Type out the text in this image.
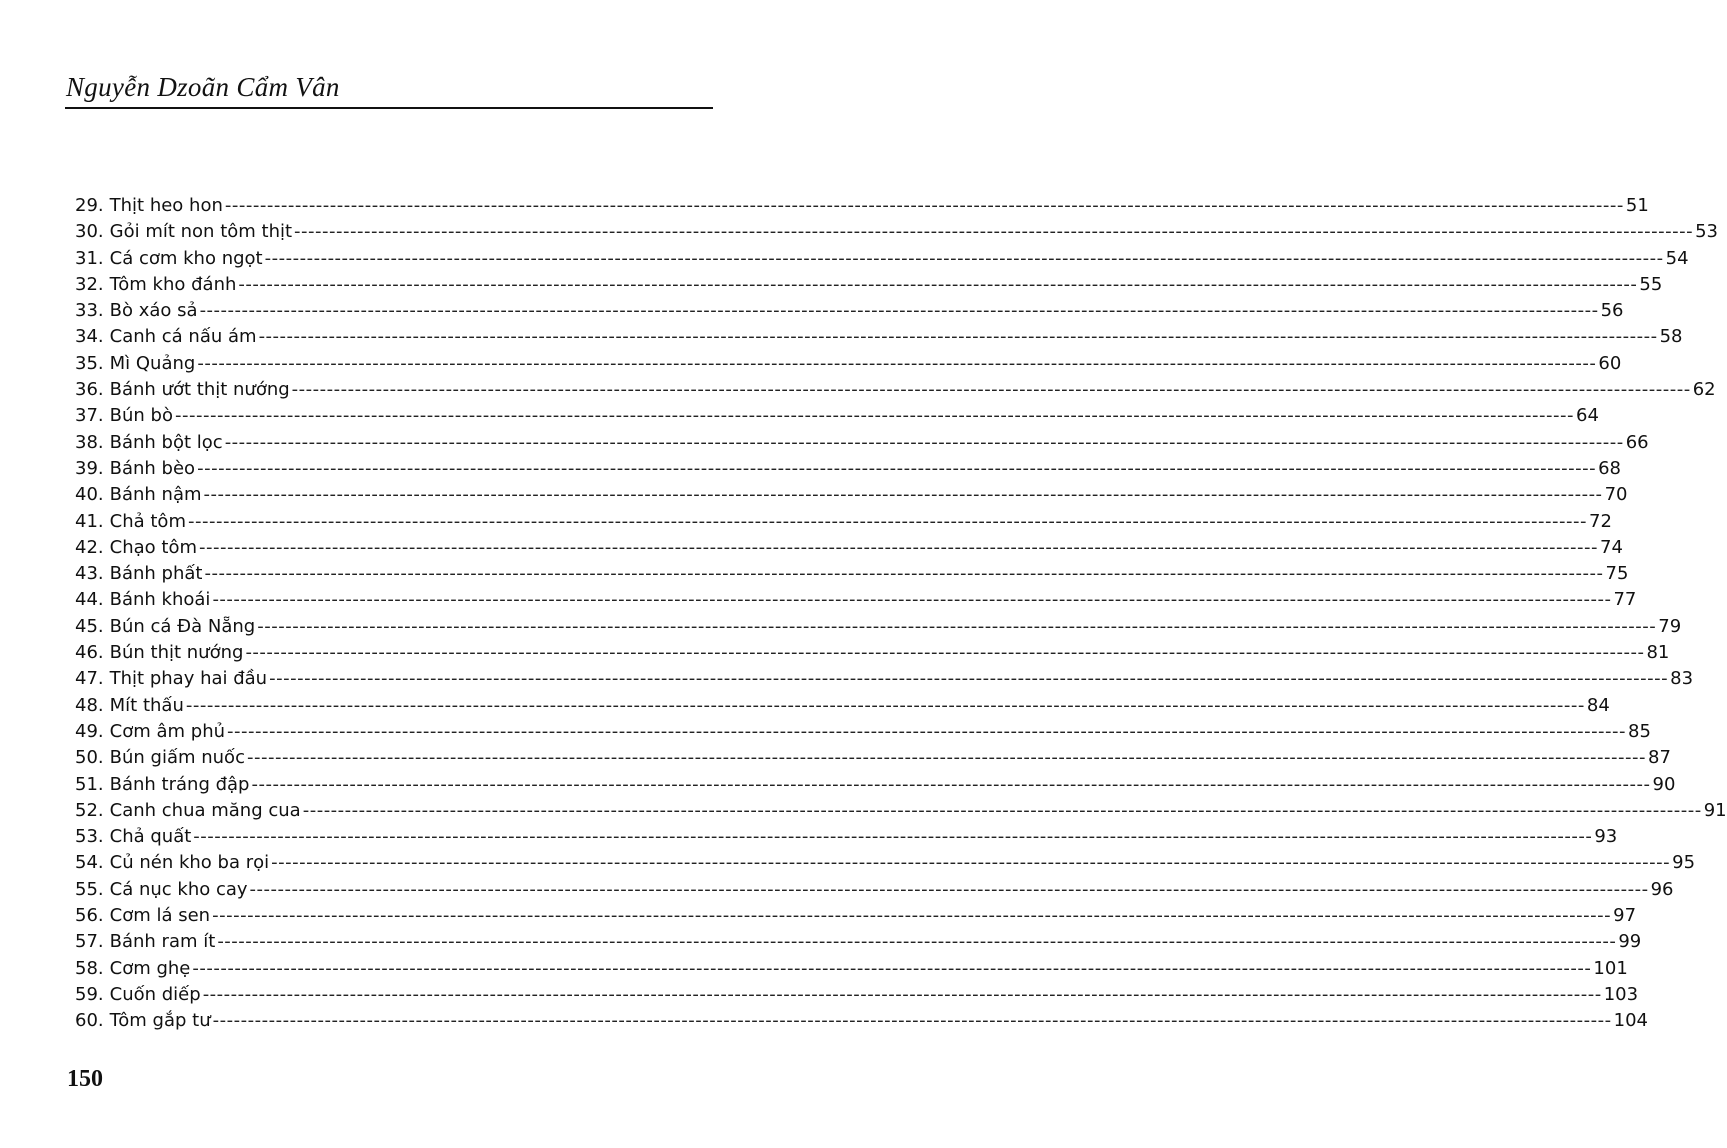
Nguyễn Dzoãn Cẩm Vân
29. Thịt heo hon -------------------------------------------------------------------------------------------------------------------------------------------------------------------------------------------------------- 51
30. Gỏi mít non tôm thịt -------------------------------------------------------------------------------------------------------------------------------------------------------------------------------------------------------- 53
31. Cá cơm kho ngọt -------------------------------------------------------------------------------------------------------------------------------------------------------------------------------------------------------- 54
32. Tôm kho đánh -------------------------------------------------------------------------------------------------------------------------------------------------------------------------------------------------------- 55
33. Bò xáo sả -------------------------------------------------------------------------------------------------------------------------------------------------------------------------------------------------------- 56
34. Canh cá nấu ám -------------------------------------------------------------------------------------------------------------------------------------------------------------------------------------------------------- 58
35. Mì Quảng -------------------------------------------------------------------------------------------------------------------------------------------------------------------------------------------------------- 60
36. Bánh ướt thịt nướng -------------------------------------------------------------------------------------------------------------------------------------------------------------------------------------------------------- 62
37. Bún bò -------------------------------------------------------------------------------------------------------------------------------------------------------------------------------------------------------- 64
38. Bánh bột lọc -------------------------------------------------------------------------------------------------------------------------------------------------------------------------------------------------------- 66
39. Bánh bèo -------------------------------------------------------------------------------------------------------------------------------------------------------------------------------------------------------- 68
40. Bánh nậm -------------------------------------------------------------------------------------------------------------------------------------------------------------------------------------------------------- 70
41. Chả tôm -------------------------------------------------------------------------------------------------------------------------------------------------------------------------------------------------------- 72
42. Chạo tôm -------------------------------------------------------------------------------------------------------------------------------------------------------------------------------------------------------- 74
43. Bánh phất -------------------------------------------------------------------------------------------------------------------------------------------------------------------------------------------------------- 75
44. Bánh khoái -------------------------------------------------------------------------------------------------------------------------------------------------------------------------------------------------------- 77
45. Bún cá Đà Nẵng -------------------------------------------------------------------------------------------------------------------------------------------------------------------------------------------------------- 79
46. Bún thịt nướng -------------------------------------------------------------------------------------------------------------------------------------------------------------------------------------------------------- 81
47. Thịt phay hai đầu -------------------------------------------------------------------------------------------------------------------------------------------------------------------------------------------------------- 83
48. Mít thấu -------------------------------------------------------------------------------------------------------------------------------------------------------------------------------------------------------- 84
49. Cơm âm phủ -------------------------------------------------------------------------------------------------------------------------------------------------------------------------------------------------------- 85
50. Bún giấm nuốc -------------------------------------------------------------------------------------------------------------------------------------------------------------------------------------------------------- 87
51. Bánh tráng đập -------------------------------------------------------------------------------------------------------------------------------------------------------------------------------------------------------- 90
52. Canh chua măng cua -------------------------------------------------------------------------------------------------------------------------------------------------------------------------------------------------------- 91
53. Chả quất -------------------------------------------------------------------------------------------------------------------------------------------------------------------------------------------------------- 93
54. Củ nén kho ba rọi -------------------------------------------------------------------------------------------------------------------------------------------------------------------------------------------------------- 95
55. Cá nục kho cay -------------------------------------------------------------------------------------------------------------------------------------------------------------------------------------------------------- 96
56. Cơm lá sen -------------------------------------------------------------------------------------------------------------------------------------------------------------------------------------------------------- 97
57. Bánh ram ít -------------------------------------------------------------------------------------------------------------------------------------------------------------------------------------------------------- 99
58. Cơm ghẹ -------------------------------------------------------------------------------------------------------------------------------------------------------------------------------------------------------- 101
59. Cuốn diếp -------------------------------------------------------------------------------------------------------------------------------------------------------------------------------------------------------- 103
60. Tôm gắp tư -------------------------------------------------------------------------------------------------------------------------------------------------------------------------------------------------------- 104
150
